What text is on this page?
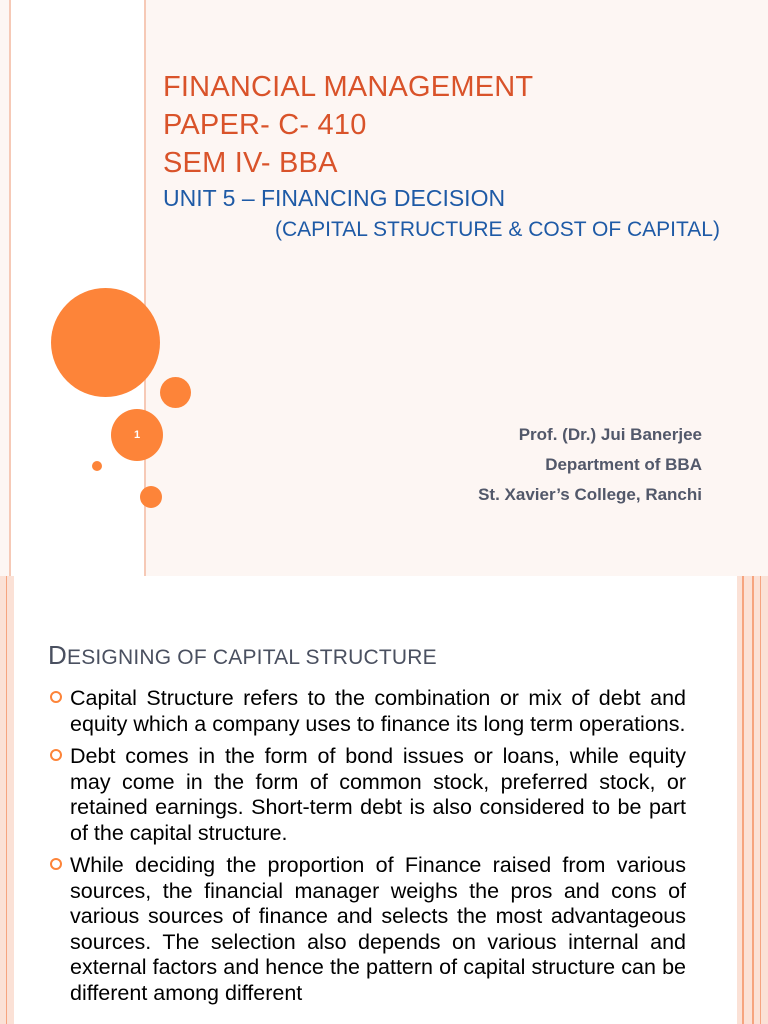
1
FINANCIAL MANAGEMENT
PAPER- C- 410
SEM IV- BBA
UNIT 5 – FINANCING DECISION
(CAPITAL STRUCTURE & COST OF CAPITAL)
Prof. (Dr.) Jui Banerjee
Department of BBA
St. Xavier’s College, Ranchi
DESIGNING OF CAPITAL STRUCTURE
Capital Structure refers to the combination or mix of debt and equity which a company uses to finance its long term operations.
Debt comes in the form of bond issues or loans, while equity may come in the form of common stock, preferred stock, or retained earnings. Short-term debt is also considered to be part of the capital structure.
While deciding the proportion of Finance raised from various sources, the financial manager weighs the pros and cons of various sources of finance and selects the most advantageous sources. The selection also depends on various internal and external factors and hence the pattern of capital structure can be different among different
